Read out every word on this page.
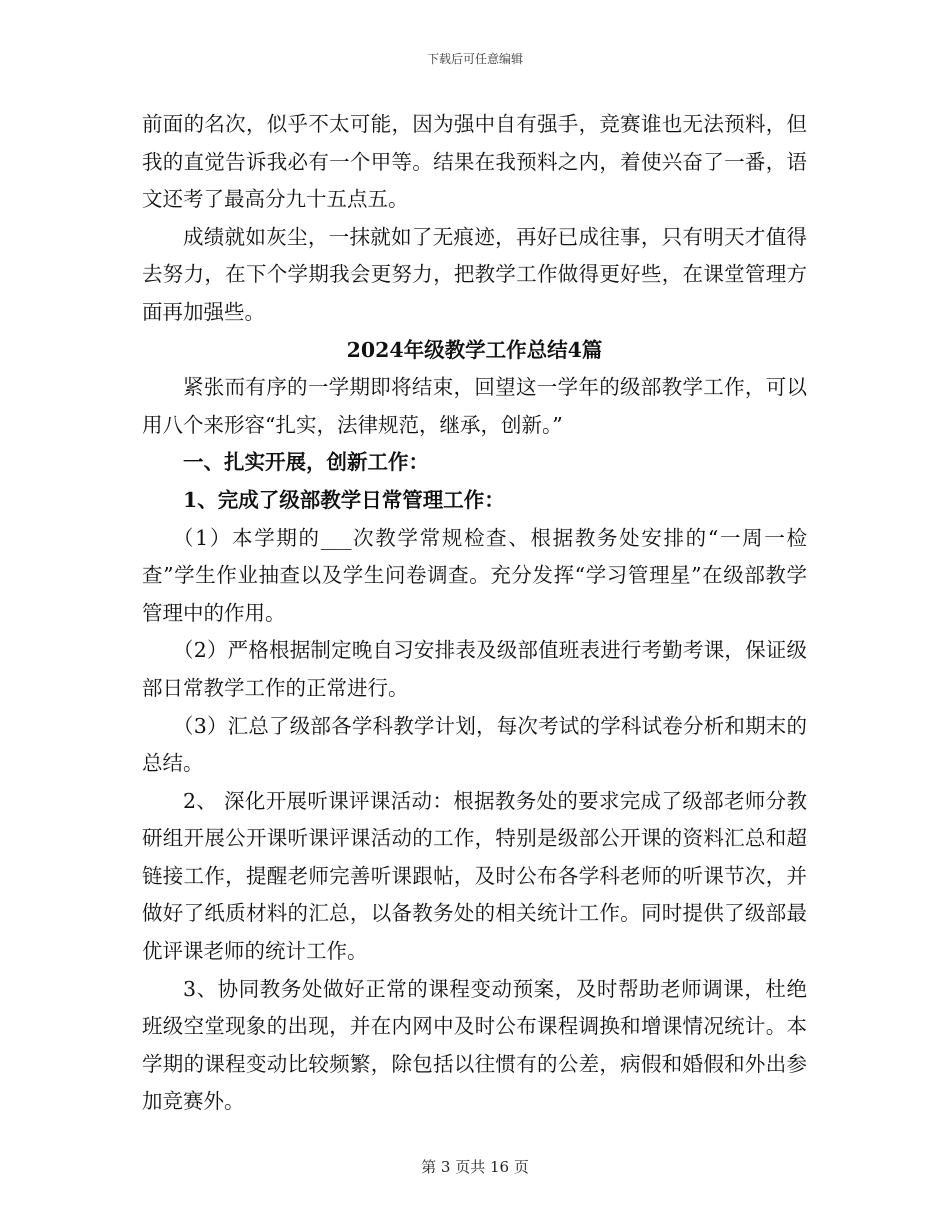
下载后可任意编辑

前面的名次，似乎不太可能，因为强中自有强手，竞赛谁也无法预料，但我的直觉告诉我必有一个甲等。结果在我预料之内，着使兴奋了一番，语文还考了最高分九十五点五。

成绩就如灰尘，一抹就如了无痕迹，再好已成往事，只有明天才值得去努力，在下个学期我会更努力，把教学工作做得更好些，在课堂管理方面再加强些。

2024年级教学工作总结4篇

紧张而有序的一学期即将结束，回望这一学年的级部教学工作，可以用八个来形容“扎实，法律规范，继承，创新。”

一、扎实开展，创新工作：

1、完成了级部教学日常管理工作：

（1）本学期的___次教学常规检查、根据教务处安排的“一周一检查”学生作业抽查以及学生问卷调查。充分发挥“学习管理星”在级部教学管理中的作用。

（2）严格根据制定晚自习安排表及级部值班表进行考勤考课，保证级部日常教学工作的正常进行。

（3）汇总了级部各学科教学计划，每次考试的学科试卷分析和期末的总结。

2、 深化开展听课评课活动：根据教务处的要求完成了级部老师分教研组开展公开课听课评课活动的工作，特别是级部公开课的资料汇总和超链接工作，提醒老师完善听课跟帖，及时公布各学科老师的听课节次，并做好了纸质材料的汇总，以备教务处的相关统计工作。同时提供了级部最优评课老师的统计工作。

3、协同教务处做好正常的课程变动预案，及时帮助老师调课，杜绝班级空堂现象的出现，并在内网中及时公布课程调换和增课情况统计。本学期的课程变动比较频繁，除包括以往惯有的公差，病假和婚假和外出参加竞赛外。

第 3 页共 16 页
